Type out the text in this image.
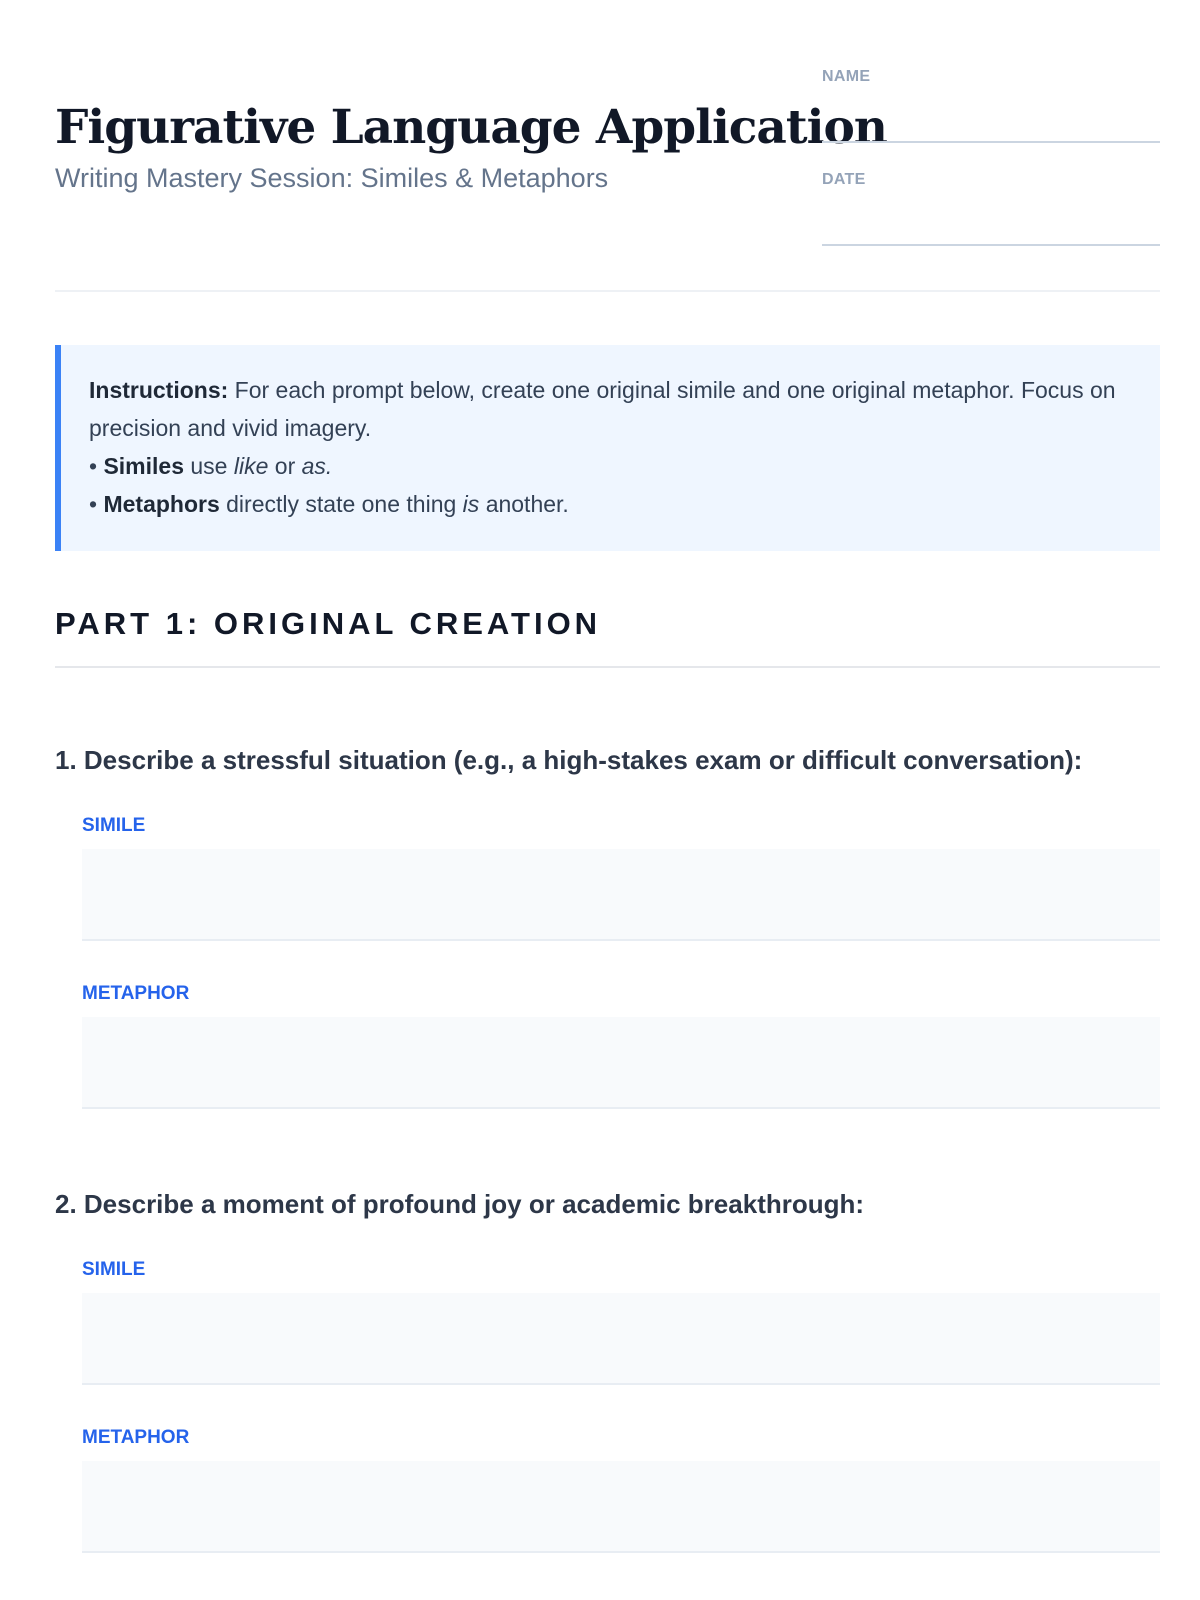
Figurative Language Application
Writing Mastery Session: Similes & Metaphors
NAME
DATE
Instructions: For each prompt below, create one original simile and one original metaphor. Focus on precision and vivid imagery.
• Similes use like or as.
• Metaphors directly state one thing is another.
PART 1: ORIGINAL CREATION
1. Describe a stressful situation (e.g., a high-stakes exam or difficult conversation):
SIMILE
METAPHOR
2. Describe a moment of profound joy or academic breakthrough:
SIMILE
METAPHOR
